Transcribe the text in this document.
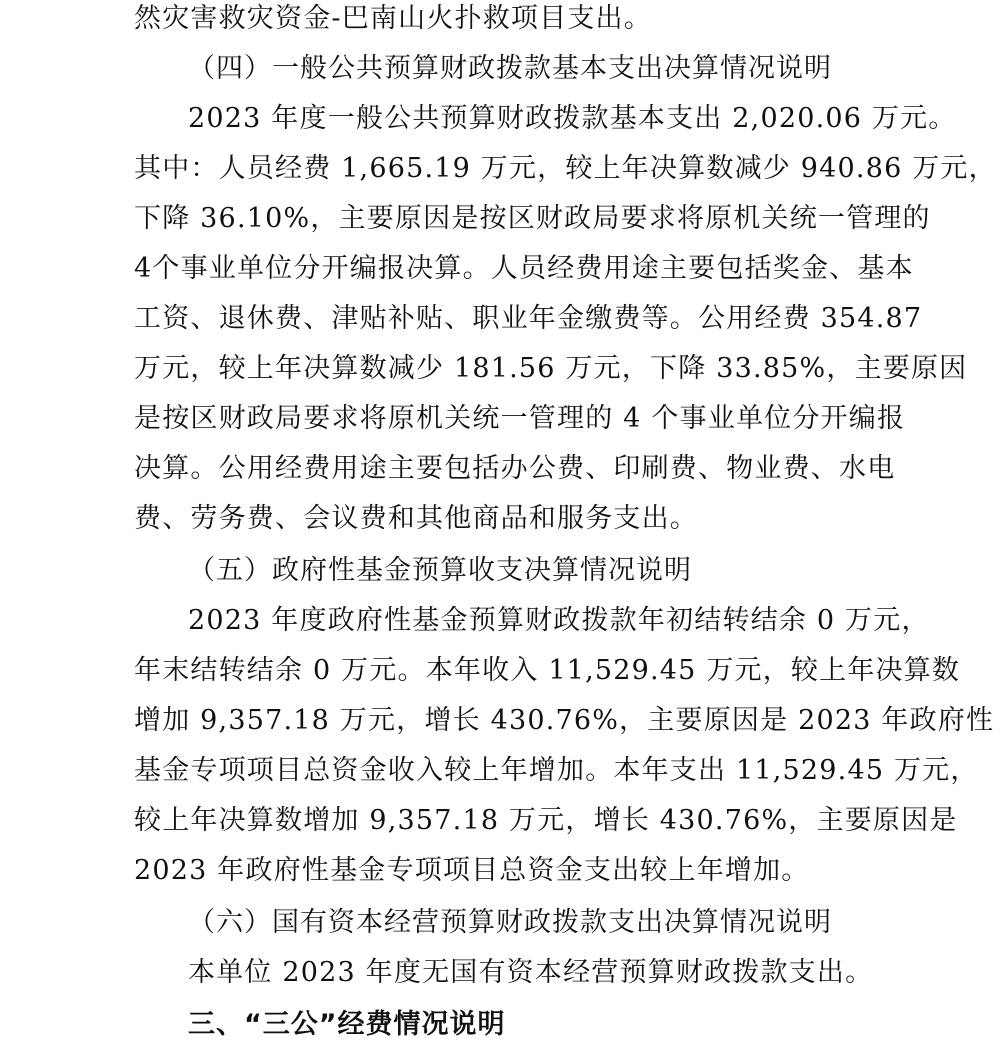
然灾害救灾资金-巴南山火扑救项目支出。
（四）一般公共预算财政拨款基本支出决算情况说明
2023 年度一般公共预算财政拨款基本支出 2,020.06 万元。
其中：人员经费 1,665.19 万元，较上年决算数减少 940.86 万元，
下降 36.10%，主要原因是按区财政局要求将原机关统一管理的
4个事业单位分开编报决算。人员经费用途主要包括奖金、基本
工资、退休费、津贴补贴、职业年金缴费等。公用经费 354.87
万元，较上年决算数减少 181.56 万元，下降 33.85%，主要原因
是按区财政局要求将原机关统一管理的 4 个事业单位分开编报
决算。公用经费用途主要包括办公费、印刷费、物业费、水电
费、劳务费、会议费和其他商品和服务支出。
（五）政府性基金预算收支决算情况说明
2023 年度政府性基金预算财政拨款年初结转结余 0 万元，
年末结转结余 0 万元。本年收入 11,529.45 万元，较上年决算数
增加 9,357.18 万元，增长 430.76%，主要原因是 2023 年政府性
基金专项项目总资金收入较上年增加。本年支出 11,529.45 万元，
较上年决算数增加 9,357.18 万元，增长 430.76%，主要原因是
2023 年政府性基金专项项目总资金支出较上年增加。
（六）国有资本经营预算财政拨款支出决算情况说明
本单位 2023 年度无国有资本经营预算财政拨款支出。
三、“三公”经费情况说明
